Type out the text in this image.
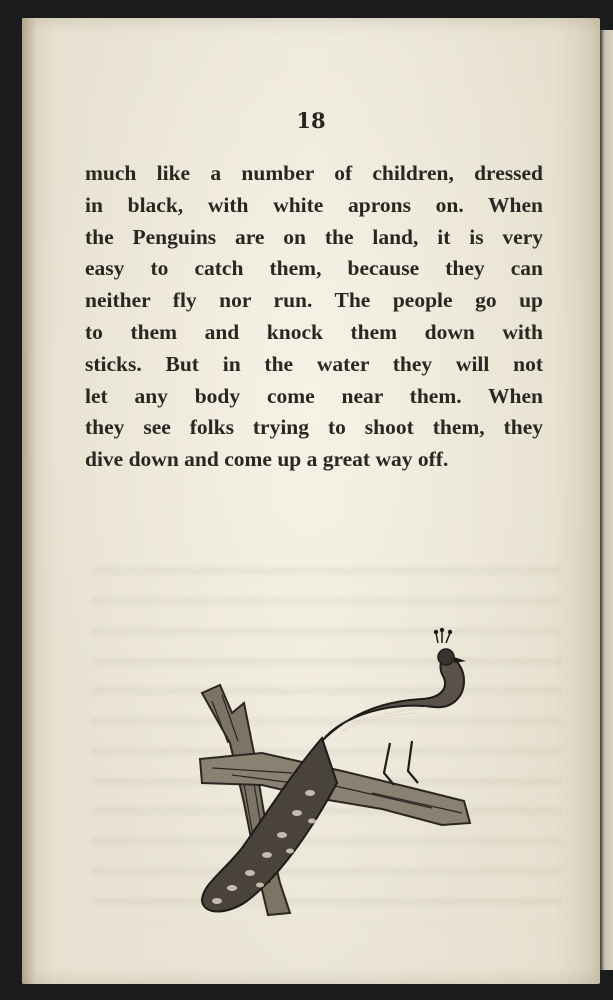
18
much like a number of children, dressed
in black, with white aprons on. When
the Penguins are on the land, it is very
easy to catch them, because they can
neither fly nor run. The people go up
to them and knock them down with
sticks. But in the water they will not
let any body come near them. When
they see folks trying to shoot them, they
dive down and come up a great way off.
